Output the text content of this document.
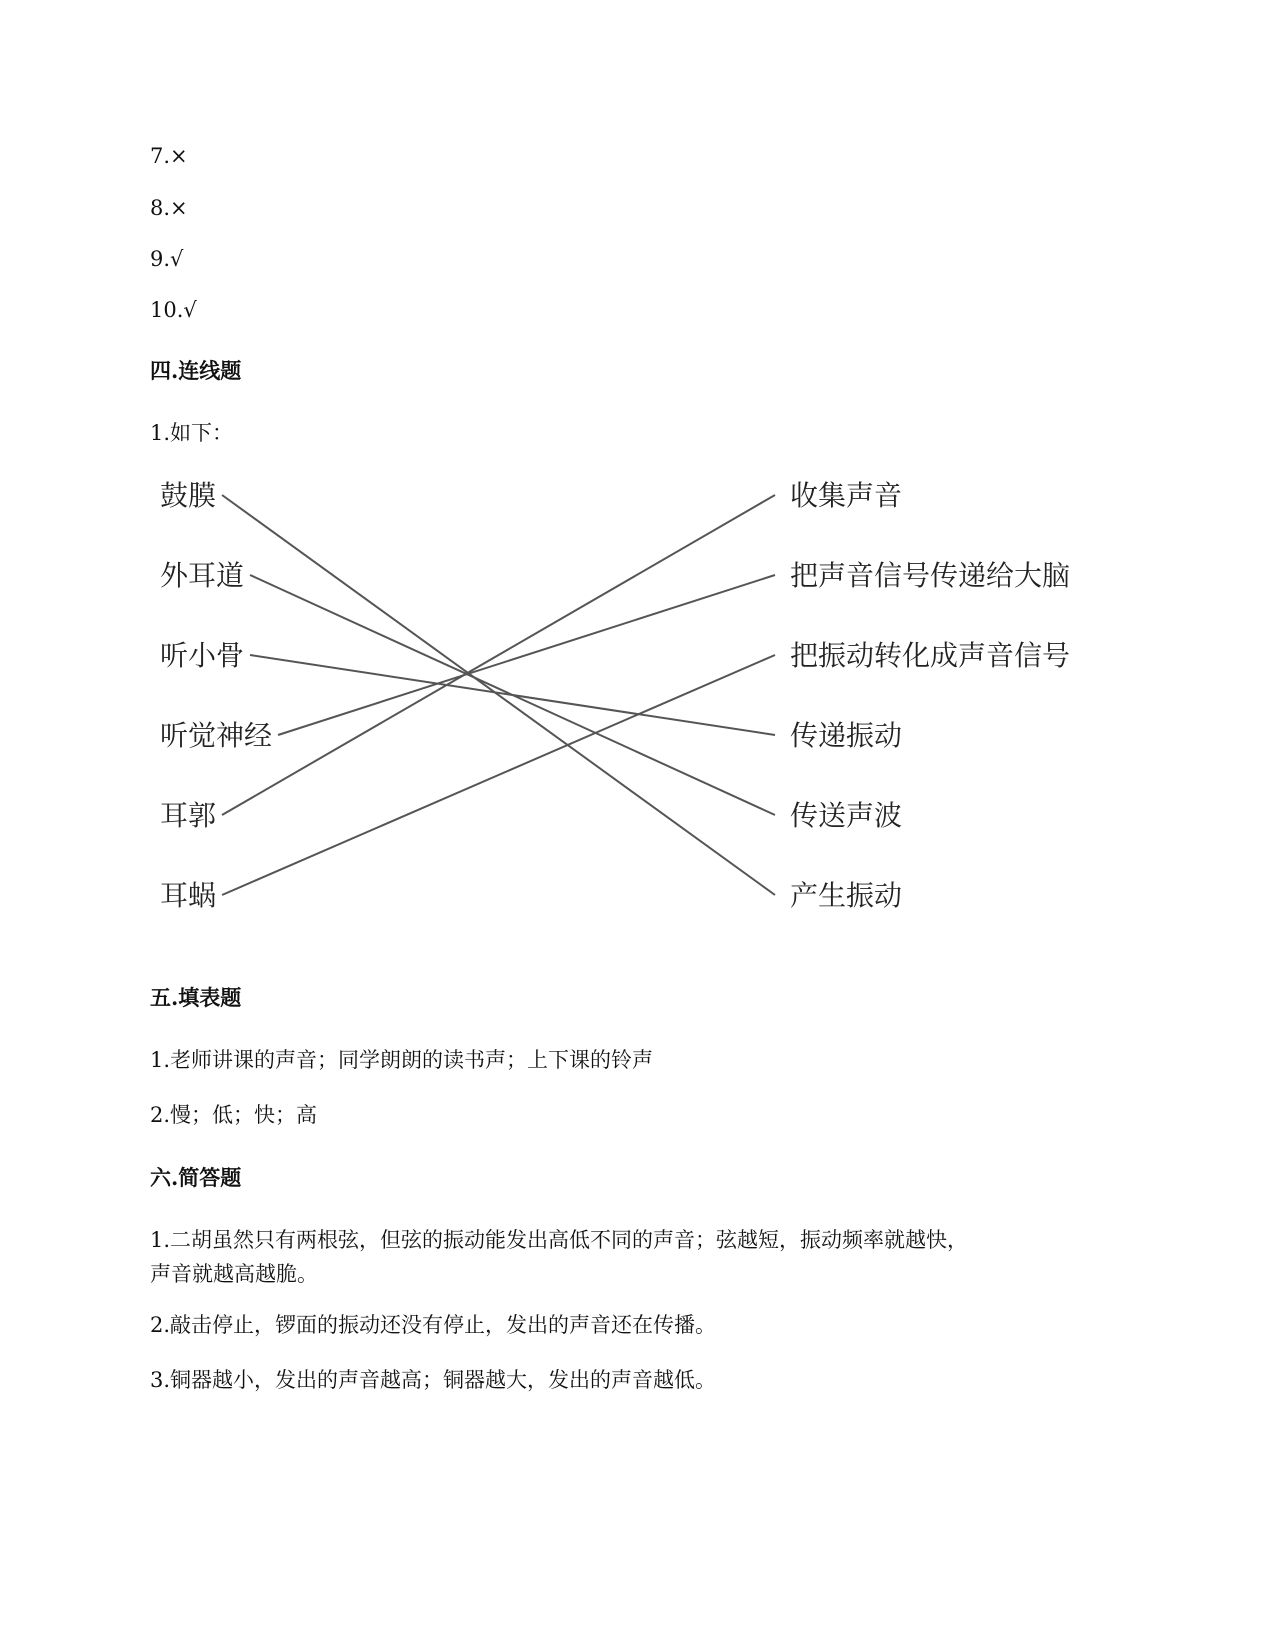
7.×
8.×
9.√
10.√
四.连线题
1.如下：
鼓膜
外耳道
听小骨
听觉神经
耳郭
耳蜗
收集声音
把声音信号传递给大脑
把振动转化成声音信号
传递振动
传送声波
产生振动
五.填表题
1.老师讲课的声音；同学朗朗的读书声；上下课的铃声
2.慢；低；快；高
六.简答题
1.二胡虽然只有两根弦，但弦的振动能发出高低不同的声音；弦越短，振动频率就越快，
声音就越高越脆。
2.敲击停止，锣面的振动还没有停止，发出的声音还在传播。
3.铜器越小，发出的声音越高；铜器越大，发出的声音越低。
